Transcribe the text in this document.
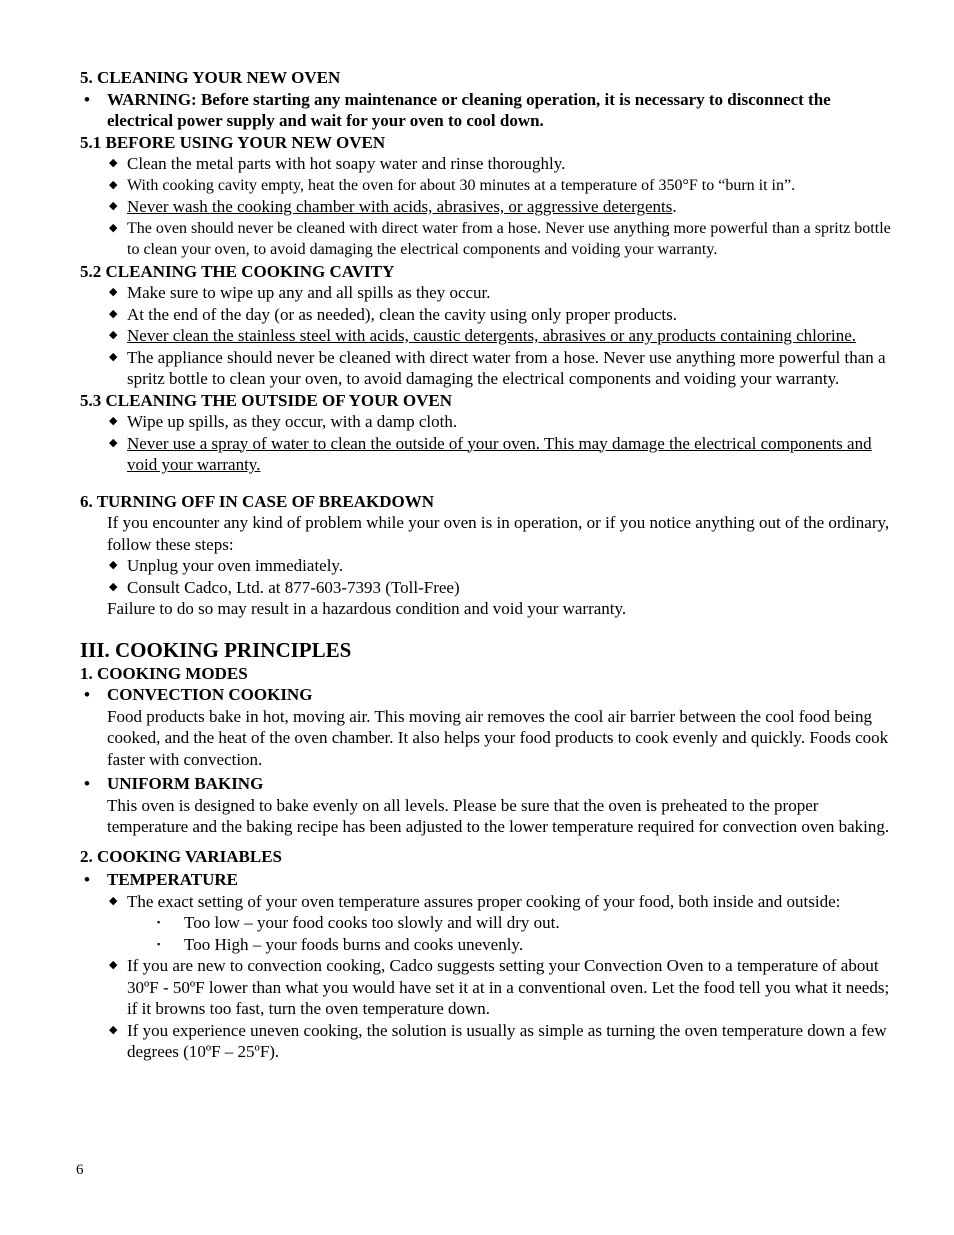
5. CLEANING YOUR NEW OVEN
•
WARNING: Before starting any maintenance or cleaning operation, it is necessary to disconnect the electrical power supply and wait for your oven to cool down.
5.1 BEFORE USING YOUR NEW OVEN
◆
Clean the metal parts with hot soapy water and rinse thoroughly.
◆
With cooking cavity empty, heat the oven for about 30 minutes at a temperature of 350°F to “burn it in”.
◆
Never wash the cooking chamber with acids, abrasives, or aggressive detergents.
◆
The oven should never be cleaned with direct water from a hose. Never use anything more powerful than a spritz bottle to clean your oven, to avoid damaging the electrical components and voiding your warranty.
5.2 CLEANING THE COOKING CAVITY
◆
Make sure to wipe up any and all spills as they occur.
◆
At the end of the day (or as needed), clean the cavity using only proper products.
◆
Never clean the stainless steel with acids, caustic detergents, abrasives or any products containing chlorine.
◆
The appliance should never be cleaned with direct water from a hose. Never use anything more powerful than a spritz bottle to clean your oven, to avoid damaging the electrical components and voiding your warranty.
5.3 CLEANING THE OUTSIDE OF YOUR OVEN
◆
Wipe up spills, as they occur, with a damp cloth.
◆
Never use a spray of water to clean the outside of your oven. This may damage the electrical components and void your warranty.
6. TURNING OFF IN CASE OF BREAKDOWN
If you encounter any kind of problem while your oven is in operation, or if you notice anything out of the ordinary, follow these steps:
◆
Unplug your oven immediately.
◆
Consult Cadco, Ltd. at 877-603-7393 (Toll-Free)
Failure to do so may result in a hazardous condition and void your warranty.
III. COOKING PRINCIPLES
1. COOKING MODES
•
CONVECTION COOKING
Food products bake in hot, moving air. This moving air removes the cool air barrier between the cool food being cooked, and the heat of the oven chamber. It also helps your food products to cook evenly and quickly. Foods cook faster with convection.
•
UNIFORM BAKING
This oven is designed to bake evenly on all levels. Please be sure that the oven is preheated to the proper temperature and the baking recipe has been adjusted to the lower temperature required for convection oven baking.
2. COOKING VARIABLES
•
TEMPERATURE
◆
The exact setting of your oven temperature assures proper cooking of your food, both inside and outside:
▪
Too low – your food cooks too slowly and will dry out.
▪
Too High – your foods burns and cooks unevenly.
◆
If you are new to convection cooking, Cadco suggests setting your Convection Oven to a temperature of about 30ºF - 50ºF lower than what you would have set it at in a conventional oven. Let the food tell you what it needs; if it browns too fast, turn the oven temperature down.
◆
If you experience uneven cooking, the solution is usually as simple as turning the oven temperature down a few degrees (10ºF – 25ºF).
6
